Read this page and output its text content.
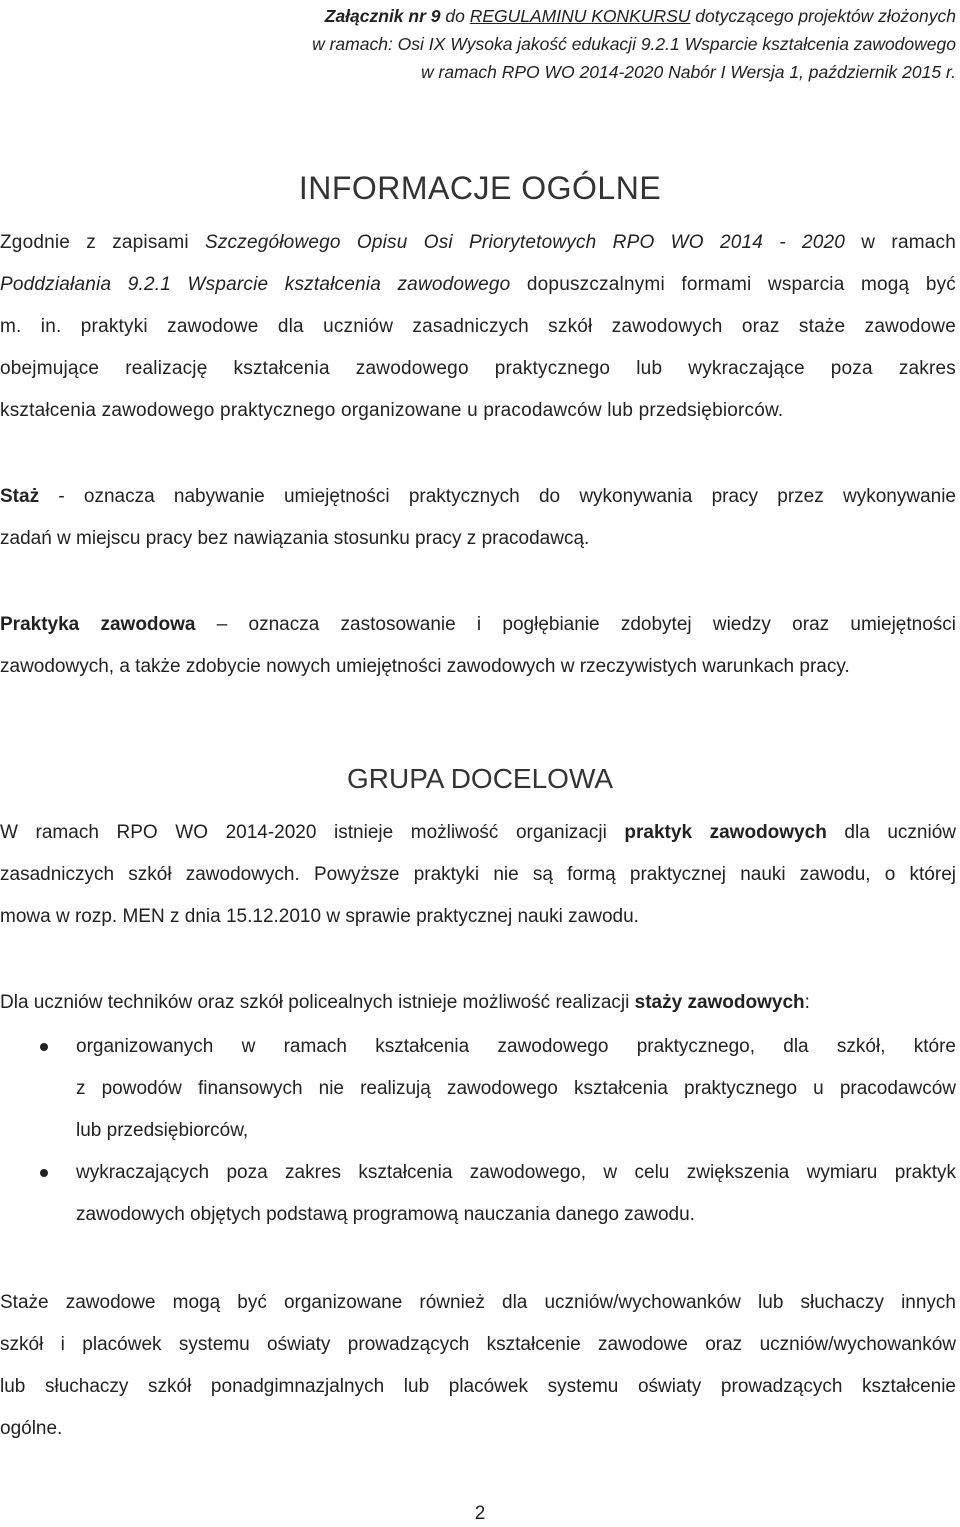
Załącznik nr 9 do REGULAMINU KONKURSU dotyczącego projektów złożonych
w ramach: Osi IX Wysoka jakość edukacji 9.2.1 Wsparcie kształcenia zawodowego
w ramach RPO WO 2014-2020 Nabór I Wersja 1, październik 2015 r.
INFORMACJE OGÓLNE
Zgodnie z zapisami Szczegółowego Opisu Osi Priorytetowych RPO WO 2014 - 2020 w ramach
Poddziałania 9.2.1 Wsparcie kształcenia zawodowego dopuszczalnymi formami wsparcia mogą być
m. in. praktyki zawodowe dla uczniów zasadniczych szkół zawodowych oraz staże zawodowe
obejmujące realizację kształcenia zawodowego praktycznego lub wykraczające poza zakres
kształcenia zawodowego praktycznego organizowane u pracodawców lub przedsiębiorców.
Staż - oznacza nabywanie umiejętności praktycznych do wykonywania pracy przez wykonywanie
zadań w miejscu pracy bez nawiązania stosunku pracy z pracodawcą.
Praktyka zawodowa – oznacza zastosowanie i pogłębianie zdobytej wiedzy oraz umiejętności
zawodowych, a także zdobycie nowych umiejętności zawodowych w rzeczywistych warunkach pracy.
GRUPA DOCELOWA
W ramach RPO WO 2014-2020 istnieje możliwość organizacji praktyk zawodowych dla uczniów
zasadniczych szkół zawodowych. Powyższe praktyki nie są formą praktycznej nauki zawodu, o której
mowa w rozp. MEN z dnia 15.12.2010 w sprawie praktycznej nauki zawodu.
Dla uczniów techników oraz szkół policealnych istnieje możliwość realizacji staży zawodowych:
organizowanych w ramach kształcenia zawodowego praktycznego, dla szkół, które
z powodów finansowych nie realizują zawodowego kształcenia praktycznego u pracodawców
lub przedsiębiorców,
wykraczających poza zakres kształcenia zawodowego, w celu zwiększenia wymiaru praktyk
zawodowych objętych podstawą programową nauczania danego zawodu.
Staże zawodowe mogą być organizowane również dla uczniów/wychowanków lub słuchaczy innych
szkół i placówek systemu oświaty prowadzących kształcenie zawodowe oraz uczniów/wychowanków
lub słuchaczy szkół ponadgimnazjalnych lub placówek systemu oświaty prowadzących kształcenie
ogólne.
2
